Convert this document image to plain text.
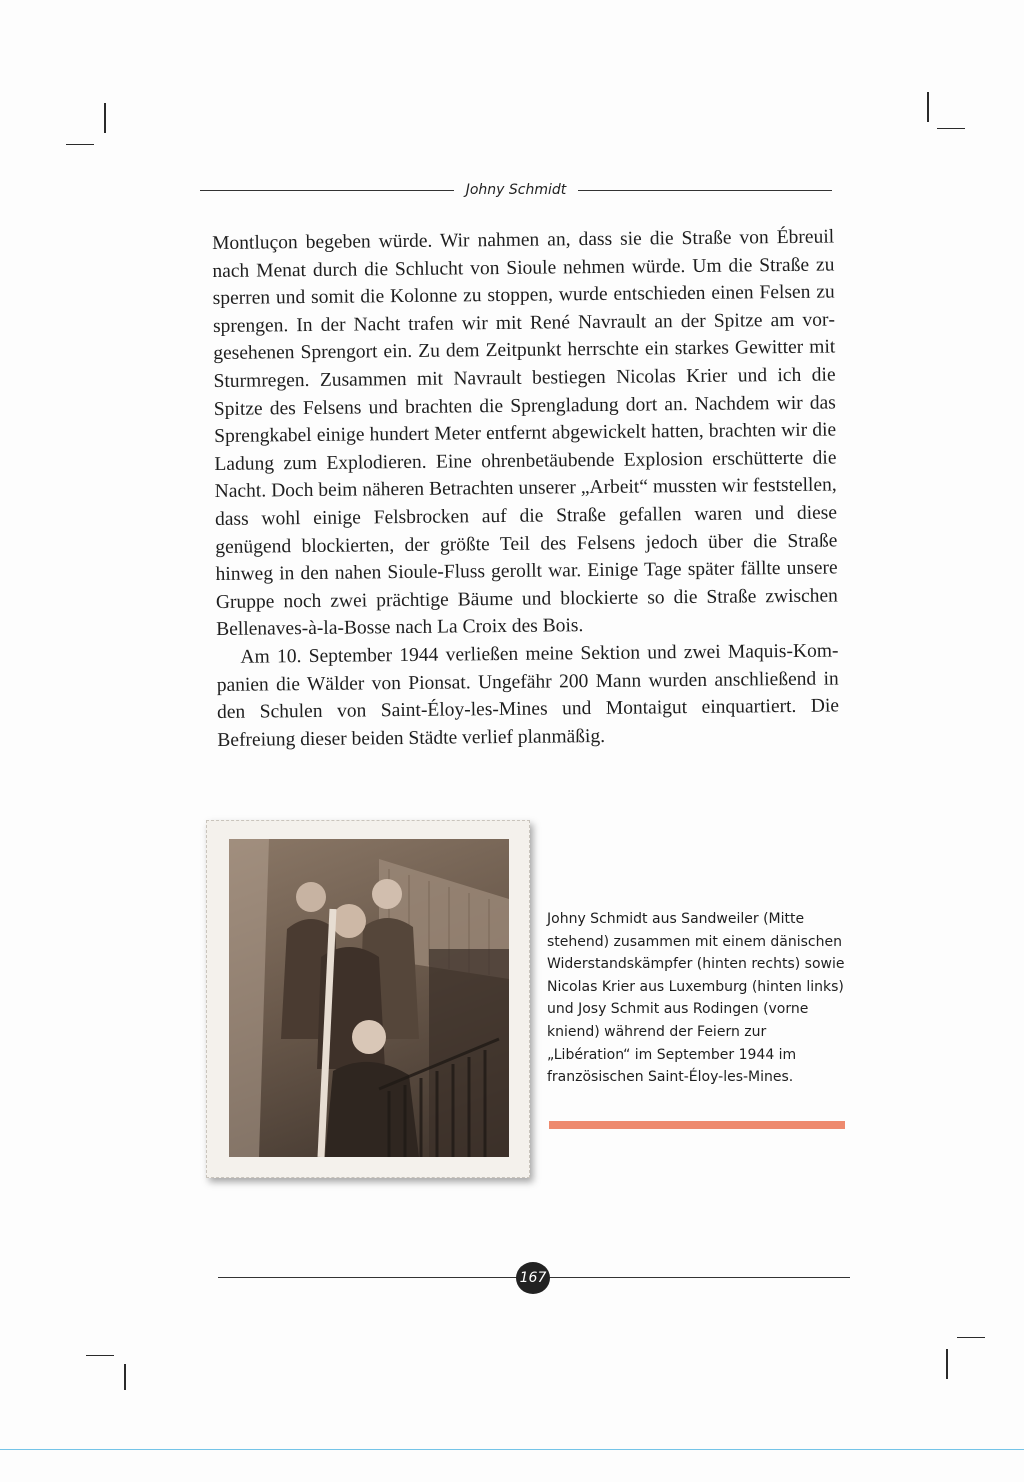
Johny Schmidt

Montluçon begeben würde. Wir nahmen an, dass sie die Straße von Ébreuil nach Menat durch die Schlucht von Sioule nehmen würde. Um die Straße zu sperren und somit die Kolonne zu stoppen, wurde entschieden einen Felsen zu sprengen. In der Nacht trafen wir mit René Navrault an der Spitze am vorgesehenen Sprengort ein. Zu dem Zeitpunkt herrschte ein starkes Gewitter mit Sturmregen. Zusammen mit Navrault bestiegen Nicolas Krier und ich die Spitze des Felsens und brachten die Sprengladung dort an. Nachdem wir das Sprengkabel einige hundert Meter entfernt abgewickelt hatten, brachten wir die Ladung zum Explodieren. Eine ohrenbetäubende Explosion erschütterte die Nacht. Doch beim näheren Betrachten unserer „Arbeit“ mussten wir feststellen, dass wohl einige Felsbrocken auf die Straße gefallen waren und diese genügend blockierten, der größte Teil des Felsens jedoch über die Straße hinweg in den nahen Sioule-Fluss gerollt war. Einige Tage später fällte unsere Gruppe noch zwei prächtige Bäume und blockierte so die Straße zwischen Bellenaves-à-la-Bosse nach La Croix des Bois.

Am 10. September 1944 verließen meine Sektion und zwei Maquis-Kompanien die Wälder von Pionsat. Ungefähr 200 Mann wurden anschließend in den Schulen von Saint-Éloy-les-Mines und Montaigut einquartiert. Die Befreiung dieser beiden Städte verlief planmäßig.

Johny Schmidt aus Sandweiler (Mitte stehend) zusammen mit einem dänischen Widerstandskämpfer (hinten rechts) sowie Nicolas Krier aus Luxemburg (hinten links) und Josy Schmit aus Rodingen (vorne kniend) während der Feiern zur „Libération“ im September 1944 im französischen Saint-Éloy-les-Mines.
167
